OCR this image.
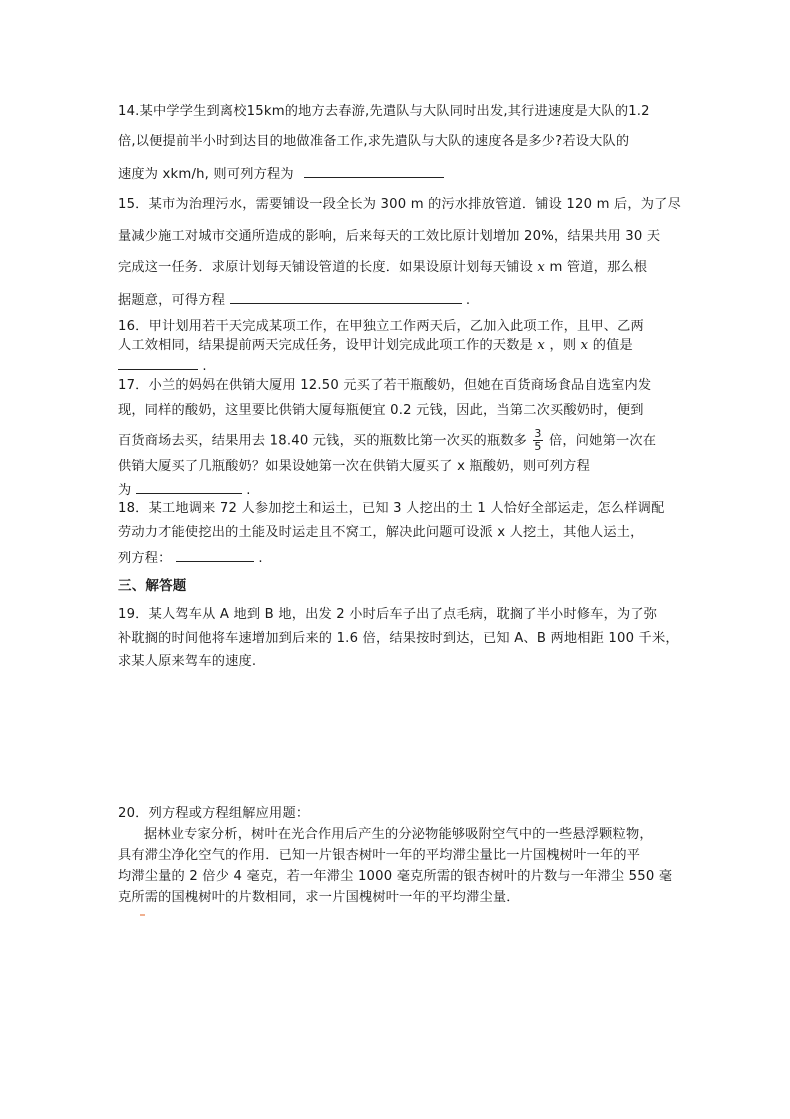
14.某中学学生到离校15km的地方去春游,先遣队与大队同时出发,其行进速度是大队的1.2
倍,以便提前半小时到达目的地做准备工作,求先遣队与大队的速度各是多少?若设大队的
速度为 xkm/h, 则可列方程为
15．某市为治理污水，需要铺设一段全长为 300 m 的污水排放管道．铺设 120 m 后，为了尽
量减少施工对城市交通所造成的影响，后来每天的工效比原计划增加 20%，结果共用 30 天
完成这一任务．求原计划每天铺设管道的长度．如果设原计划每天铺设 x m 管道，那么根
据题意，可得方程	.
16．甲计划用若干天完成某项工作，在甲独立工作两天后，乙加入此项工作，且甲、乙两
人工效相同，结果提前两天完成任务，设甲计划完成此项工作的天数是 x ，则 x 的值是
.
17．小兰的妈妈在供销大厦用 12.50 元买了若干瓶酸奶，但她在百货商场食品自选室内发
现，同样的酸奶，这里要比供销大厦每瓶便宜 0.2 元钱，因此，当第二次买酸奶时，便到
百货商场去买，结果用去 18.40 元钱，买的瓶数比第一次买的瓶数多 $\frac{3}{5}$ 倍，问她第一次在
供销大厦买了几瓶酸奶？如果设她第一次在供销大厦买了 x 瓶酸奶，则可列方程
为	.
18．某工地调来 72 人参加挖土和运土，已知 3 人挖出的土 1 人恰好全部运走，怎么样调配
劳动力才能使挖出的土能及时运走且不窝工，解决此问题可设派 x 人挖土，其他人运土，
列方程：	.
三、解答题
19．某人驾车从 A 地到 B 地，出发 2 小时后车子出了点毛病，耽搁了半小时修车，为了弥
补耽搁的时间他将车速增加到后来的 1.6 倍，结果按时到达，已知 A、B 两地相距 100 千米，
求某人原来驾车的速度.
20．列方程或方程组解应用题：
据林业专家分析，树叶在光合作用后产生的分泌物能够吸附空气中的一些悬浮颗粒物，
具有滞尘净化空气的作用．已知一片银杏树叶一年的平均滞尘量比一片国槐树叶一年的平
均滞尘量的 2 倍少 4 毫克，若一年滞尘 1000 毫克所需的银杏树叶的片数与一年滞尘 550 毫
克所需的国槐树叶的片数相同，求一片国槐树叶一年的平均滞尘量．
